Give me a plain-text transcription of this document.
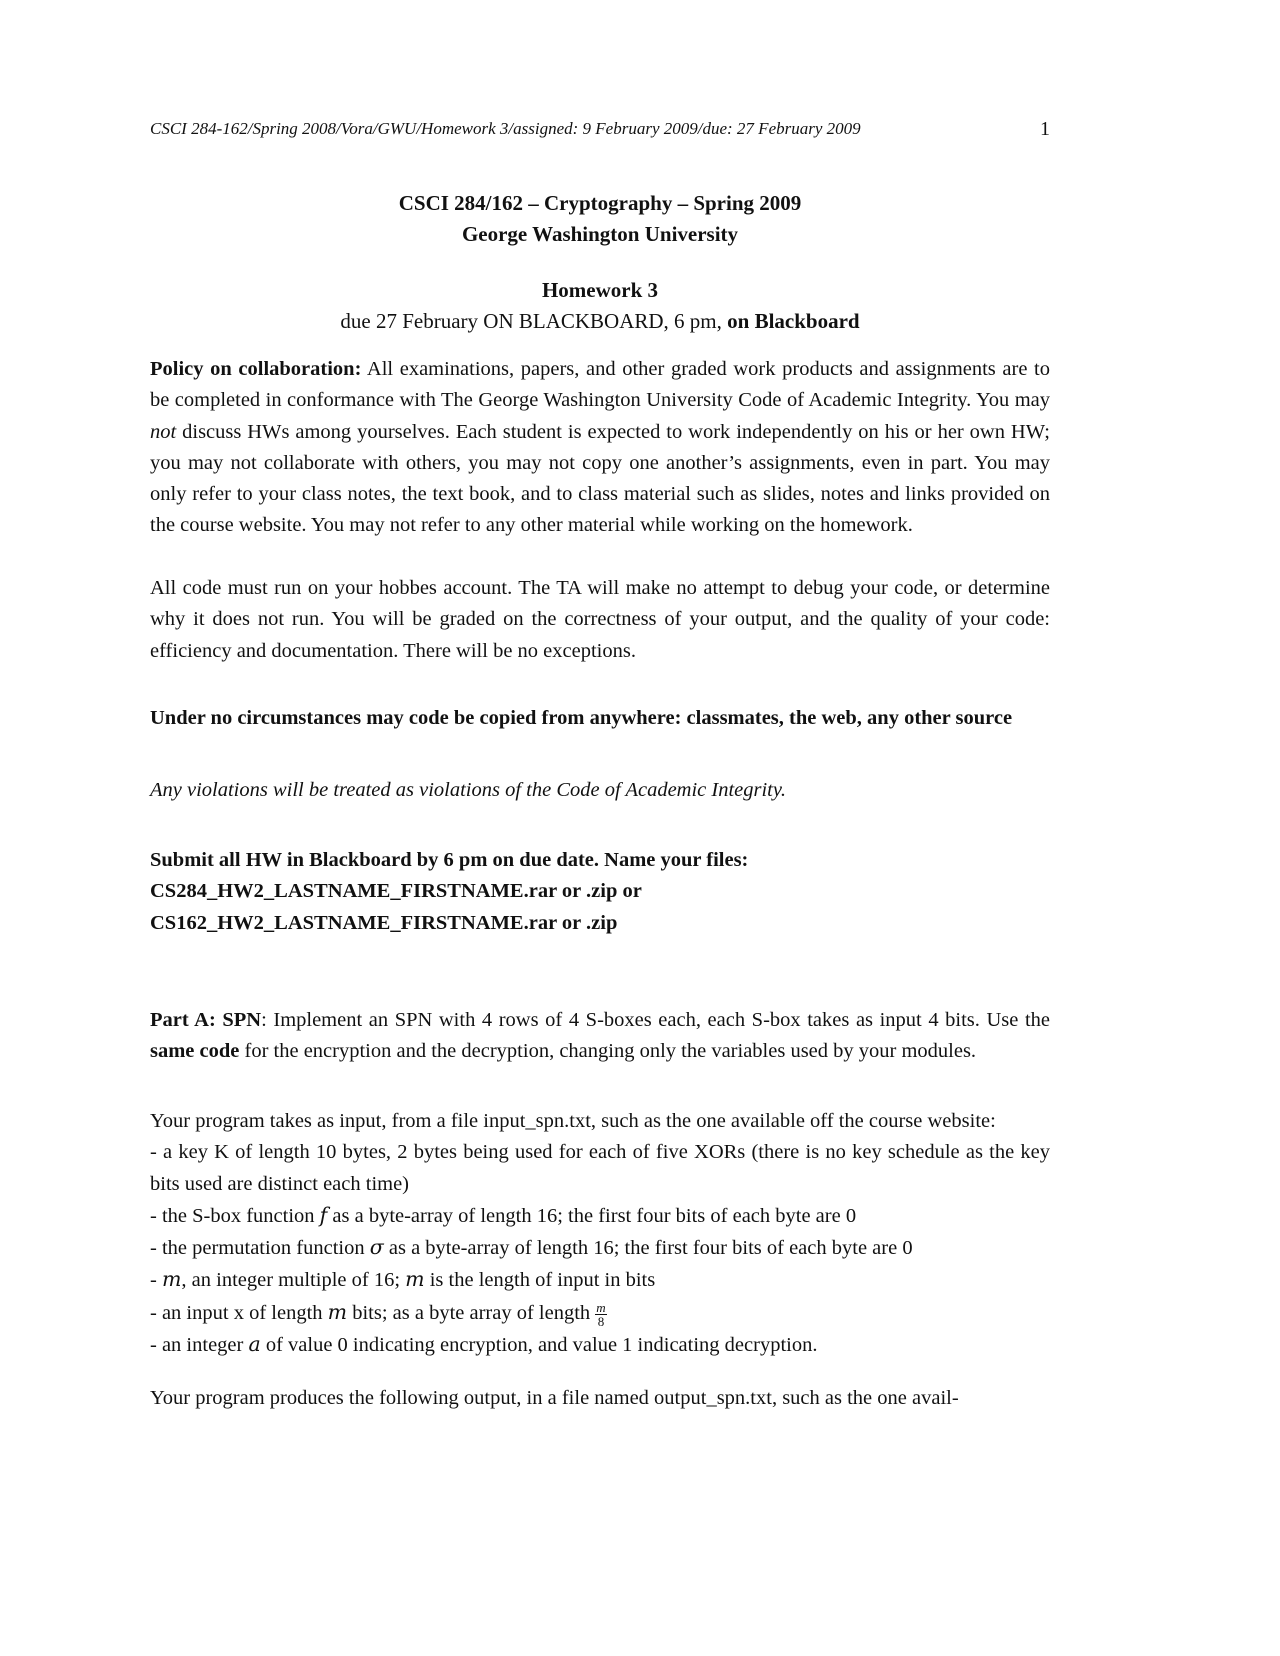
CSCI 284-162/Spring 2008/Vora/GWU/Homework 3/assigned: 9 February 2009/due: 27 February 2009	1
CSCI 284/162 – Cryptography – Spring 2009
George Washington University
Homework 3
due 27 February ON BLACKBOARD, 6 pm, on Blackboard

Policy on collaboration: All examinations, papers, and other graded work products and assignments are to be completed in conformance with The George Washington University Code of Academic Integrity. You may not discuss HWs among yourselves. Each student is expected to work independently on his or her own HW; you may not collaborate with others, you may not copy one another’s assignments, even in part. You may only refer to your class notes, the text book, and to class material such as slides, notes and links provided on the course website. You may not refer to any other material while working on the homework.

All code must run on your hobbes account. The TA will make no attempt to debug your code, or determine why it does not run. You will be graded on the correctness of your output, and the quality of your code: efficiency and documentation. There will be no exceptions.

Under no circumstances may code be copied from anywhere: classmates, the web, any other source

Any violations will be treated as violations of the Code of Academic Integrity.

Submit all HW in Blackboard by 6 pm on due date. Name your files:
CS284_HW2_LASTNAME_FIRSTNAME.rar or .zip or
CS162_HW2_LASTNAME_FIRSTNAME.rar or .zip

Part A: SPN: Implement an SPN with 4 rows of 4 S-boxes each, each S-box takes as input 4 bits. Use the same code for the encryption and the decryption, changing only the variables used by your modules.

Your program takes as input, from a file input_spn.txt, such as the one available off the course website:
- a key K of length 10 bytes, 2 bytes being used for each of five XORs (there is no key schedule as the key bits used are distinct each time)
- the S-box function f as a byte-array of length 16; the first four bits of each byte are 0
- the permutation function σ as a byte-array of length 16; the first four bits of each byte are 0
- m, an integer multiple of 16; m is the length of input in bits
- an input x of length m bits; as a byte array of length $\frac{m}{8}$
- an integer a of value 0 indicating encryption, and value 1 indicating decryption.

Your program produces the following output, in a file named output_spn.txt, such as the one avail-
